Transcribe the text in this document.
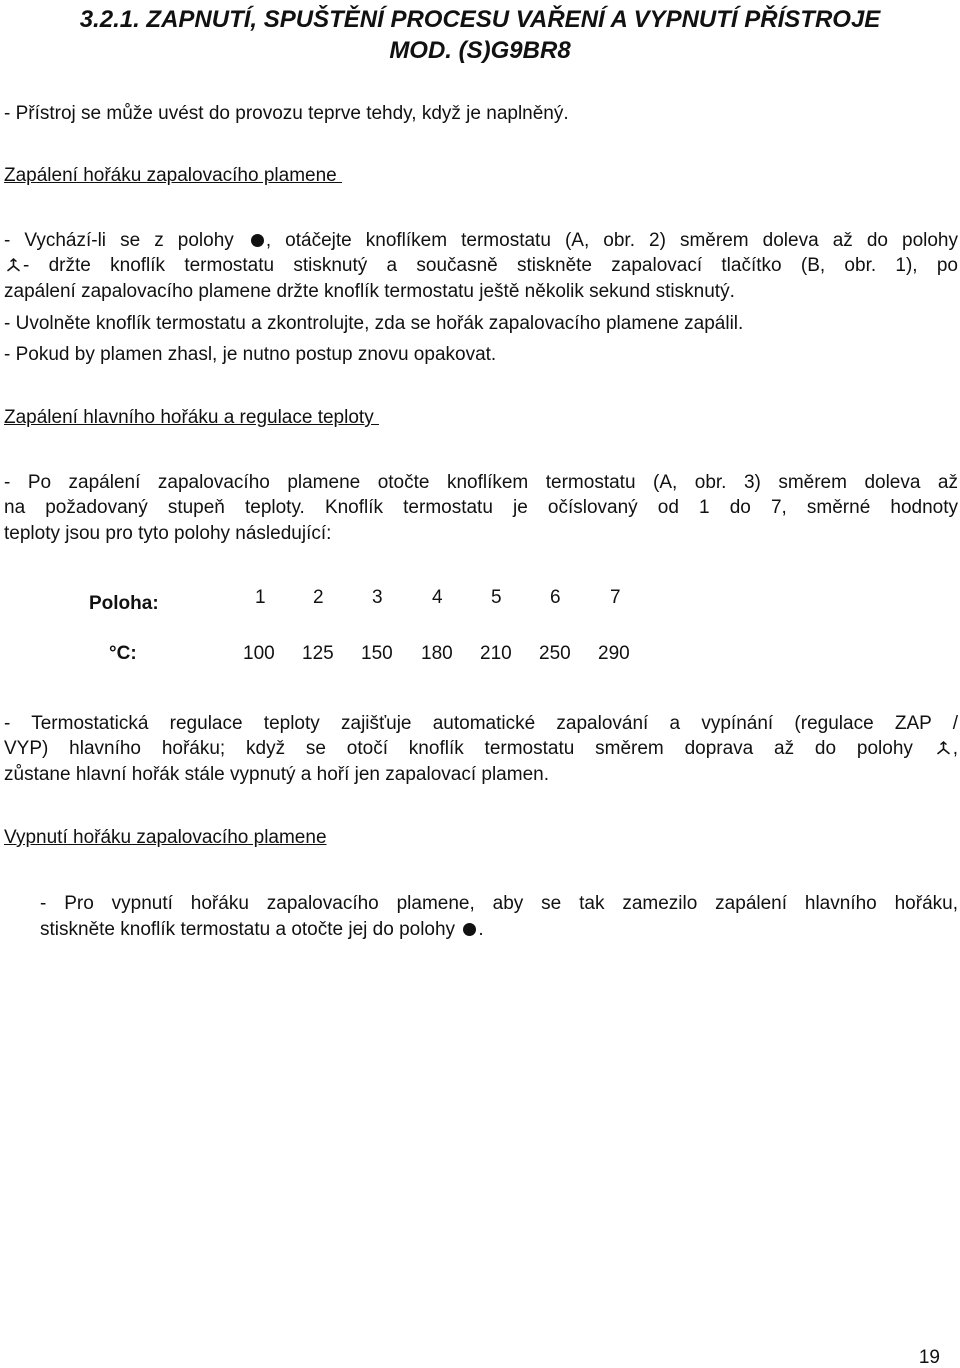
3.2.1. ZAPNUTÍ, SPUŠTĚNÍ PROCESU VAŘENÍ A VYPNUTÍ PŘÍSTROJE
MOD. (S)G9BR8
- Přístroj se může uvést do provozu teprve tehdy, když je naplněný.
Zapálení hořáku zapalovacího plamene
- Vychází-li se z polohy , otáčejte knoflíkem termostatu (A, obr. 2) směrem doleva až do polohy
- držte knoflík termostatu stisknutý a současně stiskněte zapalovací tlačítko (B, obr. 1), po
zapálení zapalovacího plamene držte knoflík termostatu ještě několik sekund stisknutý.
- Uvolněte knoflík termostatu a zkontrolujte, zda se hořák zapalovacího plamene zapálil.
- Pokud by plamen zhasl, je nutno postup znovu opakovat.
Zapálení hlavního hořáku a regulace teploty
- Po zapálení zapalovacího plamene otočte knoflíkem termostatu (A, obr. 3) směrem doleva až
na požadovaný stupeň teploty. Knoflík termostatu je očíslovaný od 1 do 7, směrné hodnoty
teploty jsou pro tyto polohy následující:
Poloha:	1 2	3	4	5	6	7
°C:	100 125 150 180 210 250 290
- Termostatická regulace teploty zajišťuje automatické zapalování a vypínání (regulace ZAP /
VYP) hlavního hořáku; když se otočí knoflík termostatu směrem doprava až do polohy ,
zůstane hlavní hořák stále vypnutý a hoří jen zapalovací plamen.
Vypnutí hořáku zapalovacího plamene
- Pro vypnutí hořáku zapalovacího plamene, aby se tak zamezilo zapálení hlavního hořáku,
stiskněte knoflík termostatu a otočte jej do polohy .
19
